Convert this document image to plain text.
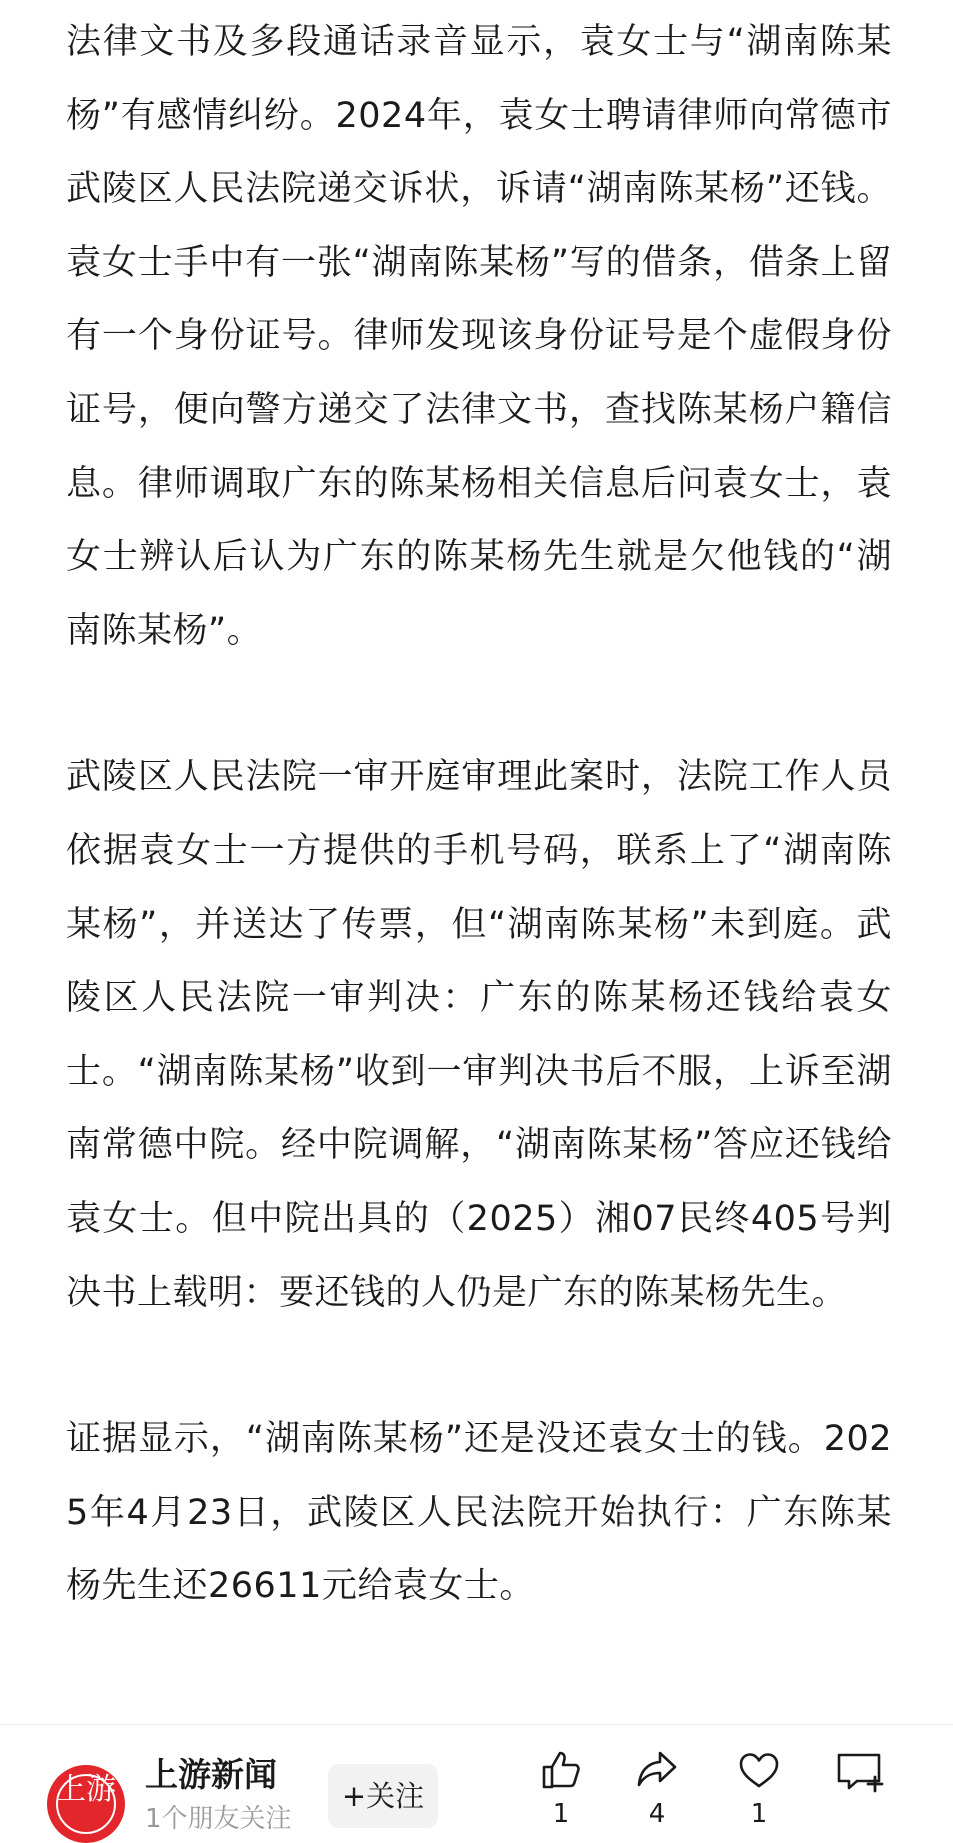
法律文书及多段通话录音显示，袁女士与“湖南陈某杨”有感情纠纷。2024年，袁女士聘请律师向常德市武陵区人民法院递交诉状，诉请“湖南陈某杨”还钱。袁女士手中有一张“湖南陈某杨”写的借条，借条上留有一个身份证号。律师发现该身份证号是个虚假身份证号，便向警方递交了法律文书，查找陈某杨户籍信息。律师调取广东的陈某杨相关信息后问袁女士，袁女士辨认后认为广东的陈某杨先生就是欠他钱的“湖南陈某杨”。

武陵区人民法院一审开庭审理此案时，法院工作人员依据袁女士一方提供的手机号码，联系上了“湖南陈某杨”，并送达了传票，但“湖南陈某杨”未到庭。武陵区人民法院一审判决：广东的陈某杨还钱给袁女士。“湖南陈某杨”收到一审判决书后不服，上诉至湖南常德中院。经中院调解，“湖南陈某杨”答应还钱给袁女士。但中院出具的（2025）湘07民终405号判决书上载明：要还钱的人仍是广东的陈某杨先生。

证据显示，“湖南陈某杨”还是没还袁女士的钱。2025年4月23日，武陵区人民法院开始执行：广东陈某杨先生还26611元给袁女士。

上游 上游新闻
1个朋友关注
+关注
1	4	1
